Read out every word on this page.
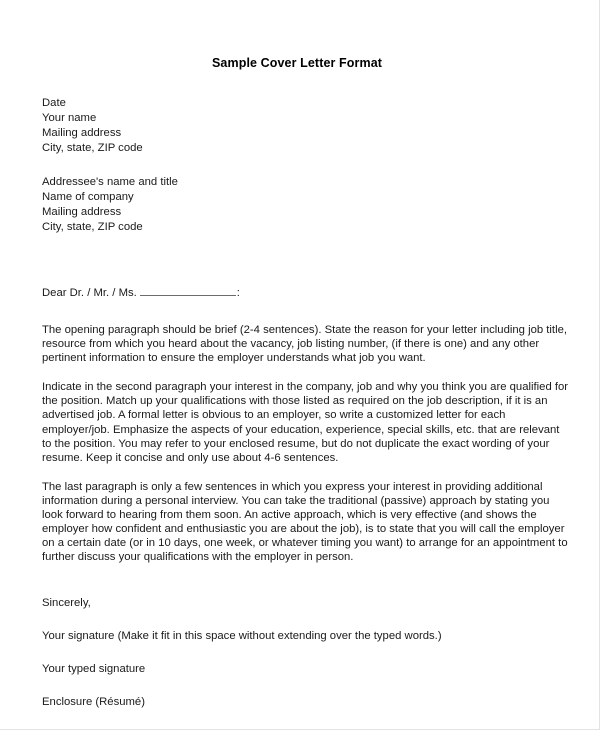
Sample Cover Letter Format
Date
Your name
Mailing address
City, state, ZIP code
Addressee's name and title
Name of company
Mailing address
City, state, ZIP code
Dear Dr. / Mr. / Ms.	:

The opening paragraph should be brief (2-4 sentences). State the reason for your letter including job title, resource from which you heard about the vacancy, job listing number, (if there is one) and any other pertinent information to ensure the employer understands what job you want.

Indicate in the second paragraph your interest in the company, job and why you think you are qualified for the position. Match up your qualifications with those listed as required on the job description, if it is an advertised job. A formal letter is obvious to an employer, so write a customized letter for each employer/job. Emphasize the aspects of your education, experience, special skills, etc. that are relevant to the position. You may refer to your enclosed resume, but do not duplicate the exact wording of your resume. Keep it concise and only use about 4-6 sentences.

The last paragraph is only a few sentences in which you express your interest in providing additional information during a personal interview. You can take the traditional (passive) approach by stating you look forward to hearing from them soon. An active approach, which is very effective (and shows the employer how confident and enthusiastic you are about the job), is to state that you will call the employer on a certain date (or in 10 days, one week, or whatever timing you want) to arrange for an appointment to further discuss your qualifications with the employer in person.

Sincerely,
Your signature (Make it fit in this space without extending over the typed words.)
Your typed signature
Enclosure (Résumé)
